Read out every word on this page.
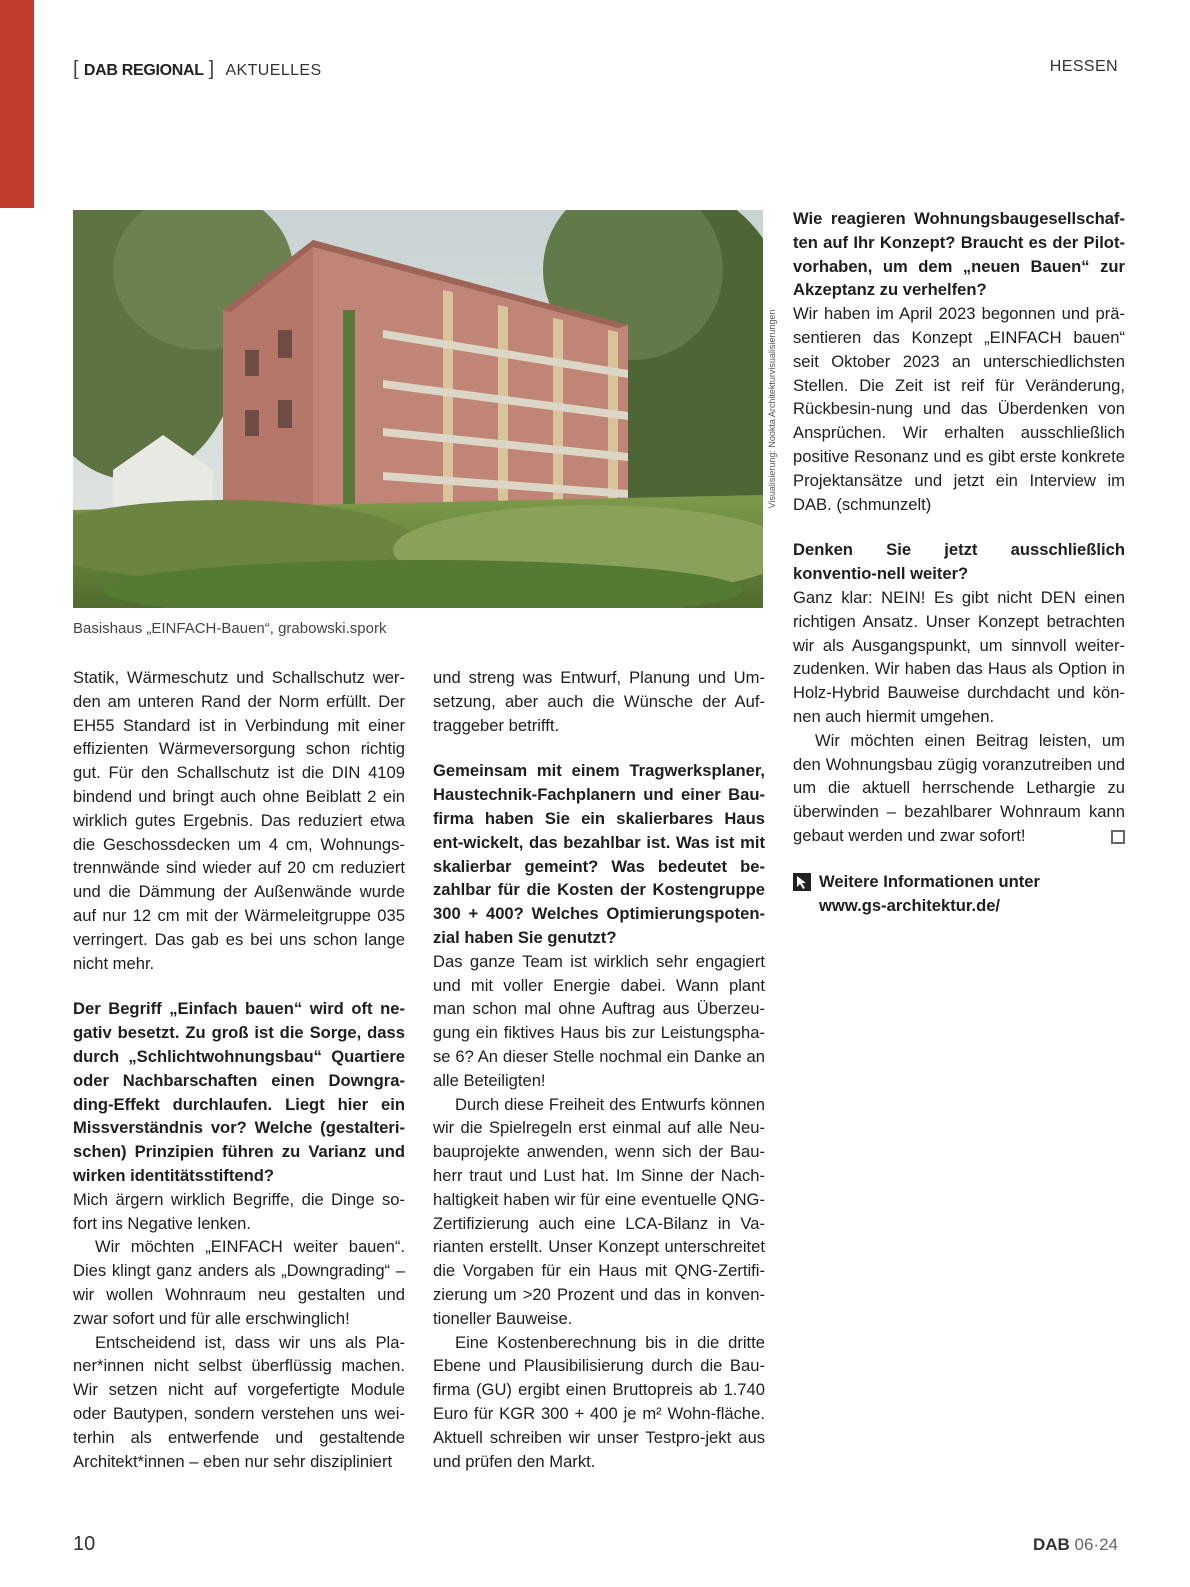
[ DAB REGIONAL ] AKTUELLES	HESSEN
Visualisierung: Nookta Architekturvisualisierungen
Basishaus „EINFACH-Bauen“, grabowski.spork

Statik, Wärmeschutz und Schallschutz wer-den am unteren Rand der Norm erfüllt. Der EH55 Standard ist in Verbindung mit einer effizienten Wärmeversorgung schon richtig gut. Für den Schallschutz ist die DIN 4109 bindend und bringt auch ohne Beiblatt 2 ein wirklich gutes Ergebnis. Das reduziert etwa die Geschossdecken um 4 cm, Wohnungs-trennwände sind wieder auf 20 cm reduziert und die Dämmung der Außenwände wurde auf nur 12 cm mit der Wärmeleitgruppe 035 verringert. Das gab es bei uns schon lange nicht mehr.

Der Begriff „Einfach bauen“ wird oft ne-gativ besetzt. Zu groß ist die Sorge, dass durch „Schlichtwohnungsbau“ Quartiere oder Nachbarschaften einen Downgra-ding-Effekt durchlaufen. Liegt hier ein Missverständnis vor? Welche (gestalteri-schen) Prinzipien führen zu Varianz und wirken identitätsstiftend?

Mich ärgern wirklich Begriffe, die Dinge so-fort ins Negative lenken.

Wir möchten „EINFACH weiter bauen“. Dies klingt ganz anders als „Downgrading“ – wir wollen Wohnraum neu gestalten und zwar sofort und für alle erschwinglich!

Entscheidend ist, dass wir uns als Pla-ner*innen nicht selbst überflüssig machen. Wir setzen nicht auf vorgefertigte Module oder Bautypen, sondern verstehen uns wei-terhin als entwerfende und gestaltende Architekt*innen – eben nur sehr diszipliniert

und streng was Entwurf, Planung und Um-setzung, aber auch die Wünsche der Auf-traggeber betrifft.

Gemeinsam mit einem Tragwerksplaner, Haustechnik-Fachplanern und einer Bau-firma haben Sie ein skalierbares Haus ent-wickelt, das bezahlbar ist. Was ist mit skalierbar gemeint? Was bedeutet be-zahlbar für die Kosten der Kostengruppe 300 + 400? Welches Optimierungspoten-zial haben Sie genutzt?

Das ganze Team ist wirklich sehr engagiert und mit voller Energie dabei. Wann plant man schon mal ohne Auftrag aus Überzeu-gung ein fiktives Haus bis zur Leistungspha-se 6? An dieser Stelle nochmal ein Danke an alle Beteiligten!

Durch diese Freiheit des Entwurfs können wir die Spielregeln erst einmal auf alle Neu-bauprojekte anwenden, wenn sich der Bau-herr traut und Lust hat. Im Sinne der Nach-haltigkeit haben wir für eine eventuelle QNG-Zertifizierung auch eine LCA-Bilanz in Va-rianten erstellt. Unser Konzept unterschreitet die Vorgaben für ein Haus mit QNG-Zertifi-zierung um >20 Prozent und das in konven-tioneller Bauweise.

Eine Kostenberechnung bis in die dritte Ebene und Plausibilisierung durch die Bau-firma (GU) ergibt einen Bruttopreis ab 1.740 Euro für KGR 300 + 400 je m² Wohn-fläche. Aktuell schreiben wir unser Testpro-jekt aus und prüfen den Markt.

Wie reagieren Wohnungsbaugesellschaf-ten auf Ihr Konzept? Braucht es der Pilot-vorhaben, um dem „neuen Bauen“ zur Akzeptanz zu verhelfen?

Wir haben im April 2023 begonnen und prä-sentieren das Konzept „EINFACH bauen“ seit Oktober 2023 an unterschiedlichsten Stellen. Die Zeit ist reif für Veränderung, Rückbesin-nung und das Überdenken von Ansprüchen. Wir erhalten ausschließlich positive Resonanz und es gibt erste konkrete Projektansätze und jetzt ein Interview im DAB. (schmunzelt)

Denken Sie jetzt ausschließlich konventio-nell weiter?

Ganz klar: NEIN! Es gibt nicht DEN einen richtigen Ansatz. Unser Konzept betrachten wir als Ausgangspunkt, um sinnvoll weiter-zudenken. Wir haben das Haus als Option in Holz-Hybrid Bauweise durchdacht und kön-nen auch hiermit umgehen.

Wir möchten einen Beitrag leisten, um den Wohnungsbau zügig voranzutreiben und um die aktuell herrschende Lethargie zu überwinden – bezahlbarer Wohnraum kann gebaut werden und zwar sofort!

Weitere Informationen unter
www.gs-architektur.de/
10	DAB 06·24
